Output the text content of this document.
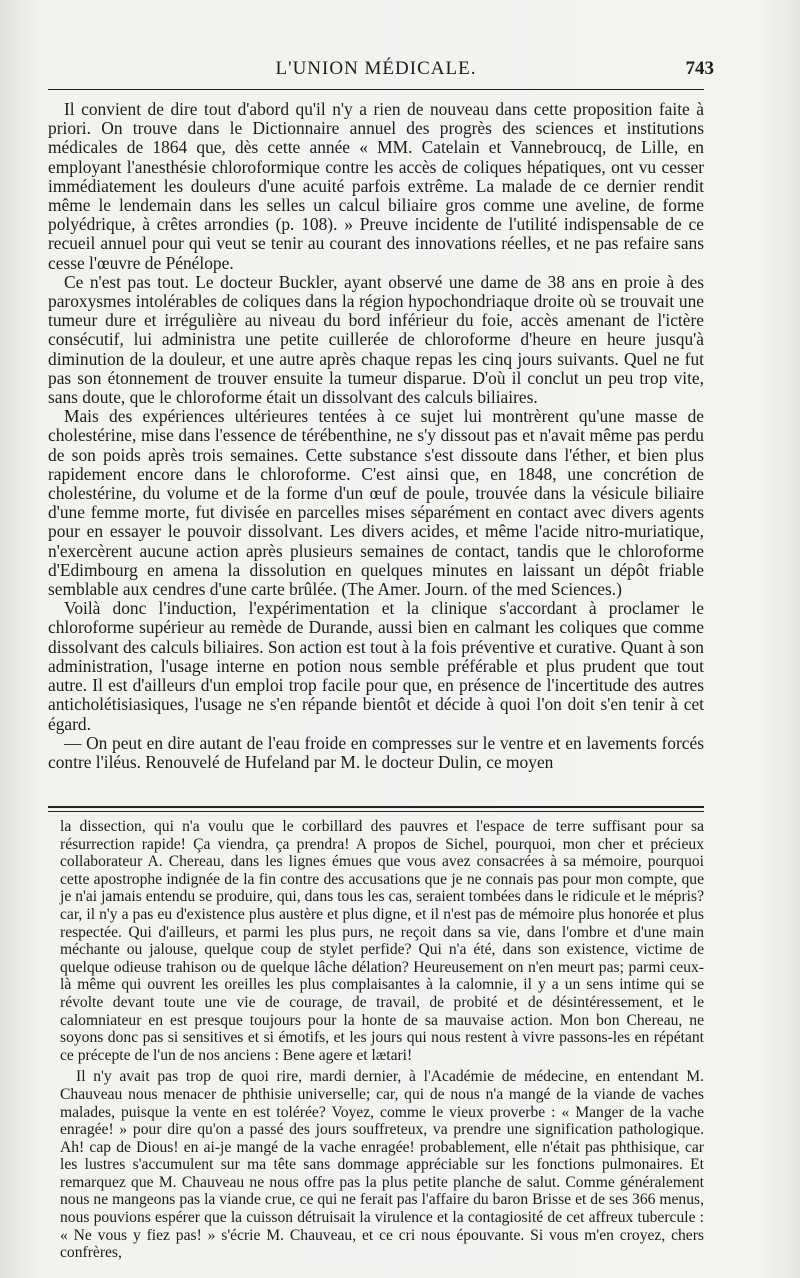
L'UNION MÉDICALE.	743

Il convient de dire tout d'abord qu'il n'y a rien de nouveau dans cette proposition faite à priori. On trouve dans le Dictionnaire annuel des progrès des sciences et institutions médicales de 1864 que, dès cette année « MM. Catelain et Vannebroucq, de Lille, en employant l'anesthésie chloroformique contre les accès de coliques hépatiques, ont vu cesser immédiatement les douleurs d'une acuité parfois extrême. La malade de ce dernier rendit même le lendemain dans les selles un calcul biliaire gros comme une aveline, de forme polyédrique, à crêtes arrondies (p. 108). » Preuve incidente de l'utilité indispensable de ce recueil annuel pour qui veut se tenir au courant des innovations réelles, et ne pas refaire sans cesse l'œuvre de Pénélope.

Ce n'est pas tout. Le docteur Buckler, ayant observé une dame de 38 ans en proie à des paroxysmes intolérables de coliques dans la région hypochondriaque droite où se trouvait une tumeur dure et irrégulière au niveau du bord inférieur du foie, accès amenant de l'ictère consécutif, lui administra une petite cuillerée de chloroforme d'heure en heure jusqu'à diminution de la douleur, et une autre après chaque repas les cinq jours suivants. Quel ne fut pas son étonnement de trouver ensuite la tumeur disparue. D'où il conclut un peu trop vite, sans doute, que le chloroforme était un dissolvant des calculs biliaires.

Mais des expériences ultérieures tentées à ce sujet lui montrèrent qu'une masse de cholestérine, mise dans l'essence de térébenthine, ne s'y dissout pas et n'avait même pas perdu de son poids après trois semaines. Cette substance s'est dissoute dans l'éther, et bien plus rapidement encore dans le chloroforme. C'est ainsi que, en 1848, une concrétion de cholestérine, du volume et de la forme d'un œuf de poule, trouvée dans la vésicule biliaire d'une femme morte, fut divisée en parcelles mises séparément en contact avec divers agents pour en essayer le pouvoir dissolvant. Les divers acides, et même l'acide nitro-muriatique, n'exercèrent aucune action après plusieurs semaines de contact, tandis que le chloroforme d'Edimbourg en amena la dissolution en quelques minutes en laissant un dépôt friable semblable aux cendres d'une carte brûlée. (The Amer. Journ. of the med Sciences.)

Voilà donc l'induction, l'expérimentation et la clinique s'accordant à proclamer le chloroforme supérieur au remède de Durande, aussi bien en calmant les coliques que comme dissolvant des calculs biliaires. Son action est tout à la fois préventive et curative. Quant à son administration, l'usage interne en potion nous semble préférable et plus prudent que tout autre. Il est d'ailleurs d'un emploi trop facile pour que, en présence de l'incertitude des autres anticholétisiasiques, l'usage ne s'en répande bientôt et décide à quoi l'on doit s'en tenir à cet égard.

— On peut en dire autant de l'eau froide en compresses sur le ventre et en lavements forcés contre l'iléus. Renouvelé de Hufeland par M. le docteur Dulin, ce moyen

la dissection, qui n'a voulu que le corbillard des pauvres et l'espace de terre suffisant pour sa résurrection rapide! Ça viendra, ça prendra! A propos de Sichel, pourquoi, mon cher et précieux collaborateur A. Chereau, dans les lignes émues que vous avez consacrées à sa mémoire, pourquoi cette apostrophe indignée de la fin contre des accusations que je ne connais pas pour mon compte, que je n'ai jamais entendu se produire, qui, dans tous les cas, seraient tombées dans le ridicule et le mépris? car, il n'y a pas eu d'existence plus austère et plus digne, et il n'est pas de mémoire plus honorée et plus respectée. Qui d'ailleurs, et parmi les plus purs, ne reçoit dans sa vie, dans l'ombre et d'une main méchante ou jalouse, quelque coup de stylet perfide? Qui n'a été, dans son existence, victime de quelque odieuse trahison ou de quelque lâche délation? Heureusement on n'en meurt pas; parmi ceux-là même qui ouvrent les oreilles les plus complaisantes à la calomnie, il y a un sens intime qui se révolte devant toute une vie de courage, de travail, de probité et de désintéressement, et le calomniateur en est presque toujours pour la honte de sa mauvaise action. Mon bon Chereau, ne soyons donc pas si sensitives et si émotifs, et les jours qui nous restent à vivre passons-les en répétant ce précepte de l'un de nos anciens : Bene agere et lætari!

Il n'y avait pas trop de quoi rire, mardi dernier, à l'Académie de médecine, en entendant M. Chauveau nous menacer de phthisie universelle; car, qui de nous n'a mangé de la viande de vaches malades, puisque la vente en est tolérée? Voyez, comme le vieux proverbe : « Manger de la vache enragée! » pour dire qu'on a passé des jours souffreteux, va prendre une signification pathologique. Ah! cap de Dious! en ai-je mangé de la vache enragée! probablement, elle n'était pas phthisique, car les lustres s'accumulent sur ma tête sans dommage appréciable sur les fonctions pulmonaires. Et remarquez que M. Chauveau ne nous offre pas la plus petite planche de salut. Comme généralement nous ne mangeons pas la viande crue, ce qui ne ferait pas l'affaire du baron Brisse et de ses 366 menus, nous pouvions espérer que la cuisson détruisait la virulence et la contagiosité de cet affreux tubercule : « Ne vous y fiez pas! » s'écrie M. Chauveau, et ce cri nous épouvante. Si vous m'en croyez, chers confrères,
